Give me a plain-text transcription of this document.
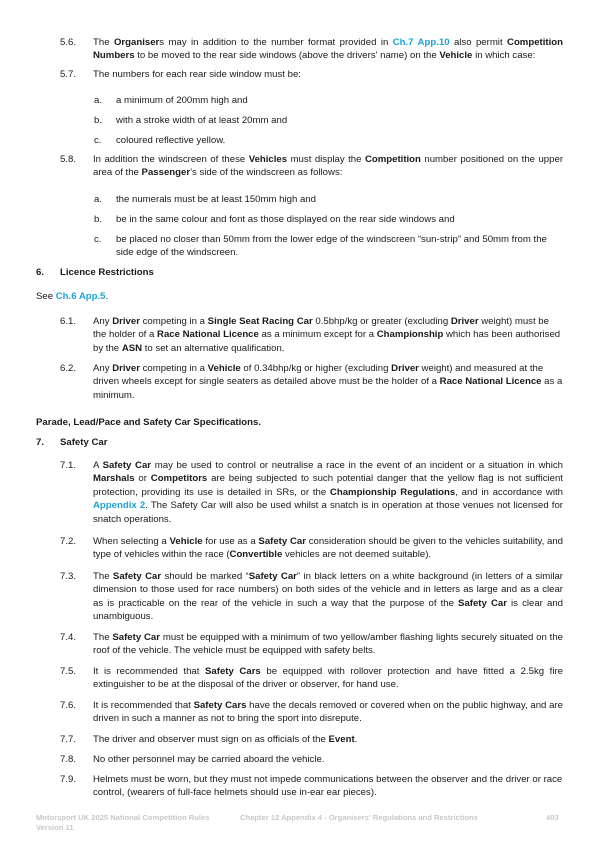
5.6.	The Organisers may in addition to the number format provided in Ch.7 App.10 also permit Competition Numbers to be moved to the rear side windows (above the drivers' name) on the Vehicle in which case:
5.7.	The numbers for each rear side window must be:
a. a minimum of 200mm high and
b. with a stroke width of at least 20mm and
c. coloured reflective yellow.
5.8.	In addition the windscreen of these Vehicles must display the Competition number positioned on the upper area of the Passenger’s side of the windscreen as follows:
a. the numerals must be at least 150mm high and
b. be in the same colour and font as those displayed on the rear side windows and
c. be placed no closer than 50mm from the lower edge of the windscreen “sun-strip” and 50mm from the side edge of the windscreen.
6. Licence Restrictions
See Ch.6 App.5.
6.1.	Any Driver competing in a Single Seat Racing Car 0.5bhp/kg or greater (excluding Driver weight) must be the holder of a Race National Licence as a minimum except for a Championship which has been authorised by the ASN to set an alternative qualification.
6.2.	Any Driver competing in a Vehicle of 0.34bhp/kg or higher (excluding Driver weight) and measured at the driven wheels except for single seaters as detailed above must be the holder of a Race National Licence as a minimum.
Parade, Lead/Pace and Safety Car Specifications.
7. Safety Car
7.1.	A Safety Car may be used to control or neutralise a race in the event of an incident or a situation in which Marshals or Competitors are being subjected to such potential danger that the yellow flag is not sufficient protection, providing its use is detailed in SRs, or the Championship Regulations, and in accordance with Appendix 2. The Safety Car will also be used whilst a snatch is in operation at those venues not licensed for snatch operations.
7.2.	When selecting a Vehicle for use as a Safety Car consideration should be given to the vehicles suitability, and type of vehicles within the race (Convertible vehicles are not deemed suitable).
7.3.	The Safety Car should be marked “Safety Car” in black letters on a white background (in letters of a similar dimension to those used for race numbers) on both sides of the vehicle and in letters as large and as a clear as is practicable on the rear of the vehicle in such a way that the purpose of the Safety Car is clear and unambiguous.
7.4.	The Safety Car must be equipped with a minimum of two yellow/amber flashing lights securely situated on the roof of the vehicle. The vehicle must be equipped with safety belts.
7.5.	It is recommended that Safety Cars be equipped with rollover protection and have fitted a 2.5kg fire extinguisher to be at the disposal of the driver or observer, for hand use.
7.6.	It is recommended that Safety Cars have the decals removed or covered when on the public highway, and are driven in such a manner as not to bring the sport into disrepute.
7.7.	The driver and observer must sign on as officials of the Event.
7.8.	No other personnel may be carried aboard the vehicle.
7.9.	Helmets must be worn, but they must not impede communications between the observer and the driver or race control, (wearers of full-face helmets should use in-ear ear pieces).
Motorsport UK 2025 National Competition Rules
Version 11
Chapter 12 Appendix 4 - Organisers' Regulations and Restrictions	403
